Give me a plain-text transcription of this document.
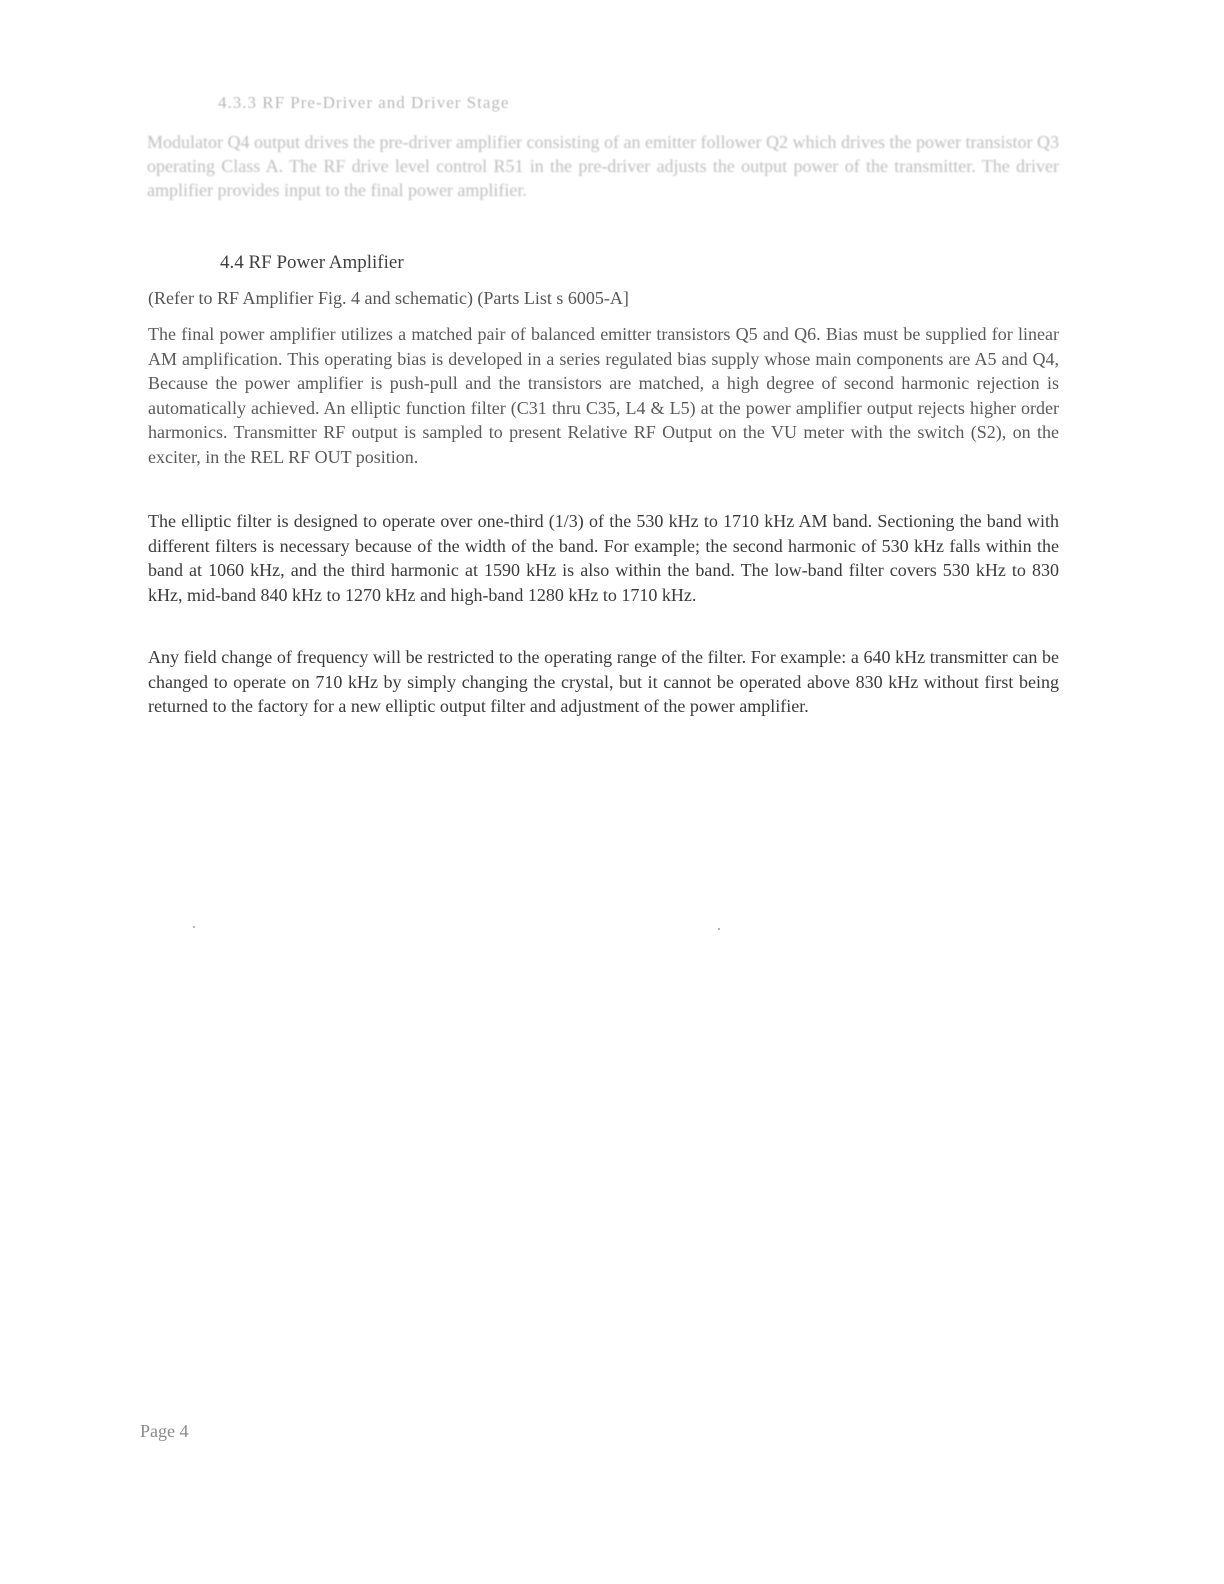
4.3.3 RF Pre-Driver and Driver Stage
Modulator Q4 output drives the pre-driver amplifier consisting of an emitter follower Q2 which drives the power transistor Q3 operating Class A. The RF drive level control R51 in the pre-driver adjusts the output power of the transmitter. The driver amplifier provides input to the final power amplifier.
4.4 RF Power Amplifier
(Refer to RF Amplifier Fig. 4 and schematic) (Parts List s 6005-A]

The final power amplifier utilizes a matched pair of balanced emitter transistors Q5 and Q6. Bias must be supplied for linear AM amplification. This operating bias is developed in a series regulated bias supply whose main components are A5 and Q4, Because the power amplifier is push-pull and the transistors are matched, a high degree of second harmonic rejection is automatically achieved. An elliptic function filter (C31 thru C35, L4 & L5) at the power amplifier output rejects higher order harmonics. Transmitter RF output is sampled to present Relative RF Output on the VU meter with the switch (S2), on the exciter, in the REL RF OUT position.

The elliptic filter is designed to operate over one-third (1/3) of the 530 kHz to 1710 kHz AM band. Sectioning the band with different filters is necessary because of the width of the band. For example; the second harmonic of 530 kHz falls within the band at 1060 kHz, and the third harmonic at 1590 kHz is also within the band. The low-band filter covers 530 kHz to 830 kHz, mid-band 840 kHz to 1270 kHz and high-band 1280 kHz to 1710 kHz.

Any field change of frequency will be restricted to the operating range of the filter. For example: a 640 kHz transmitter can be changed to operate on 710 kHz by simply changing the crystal, but it cannot be operated above 830 kHz without first being returned to the factory for a new elliptic output filter and adjustment of the power amplifier.

Page 4
